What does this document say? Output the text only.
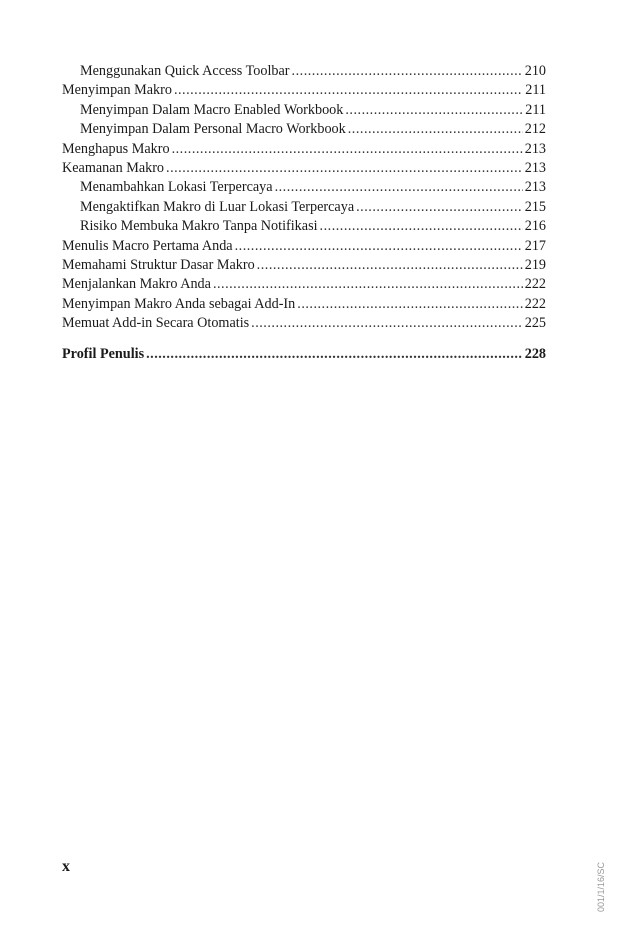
Menggunakan Quick Access Toolbar .....	210
Menyimpan Makro .....	211
Menyimpan Dalam Macro Enabled Workbook .....	211
Menyimpan Dalam Personal Macro Workbook .....	212
Menghapus Makro .....	213
Keamanan Makro .....	213
Menambahkan Lokasi Terpercaya .....	213
Mengaktifkan Makro di Luar Lokasi Terpercaya .....	215
Risiko Membuka Makro Tanpa Notifikasi .....	216
Menulis Macro Pertama Anda .....	217
Memahami Struktur Dasar Makro .....	219
Menjalankan Makro Anda .....	222
Menyimpan Makro Anda sebagai Add-In .....	222
Memuat Add-in Secara Otomatis .....	225
Profil Penulis .....	228
x	001/1/16/SC
